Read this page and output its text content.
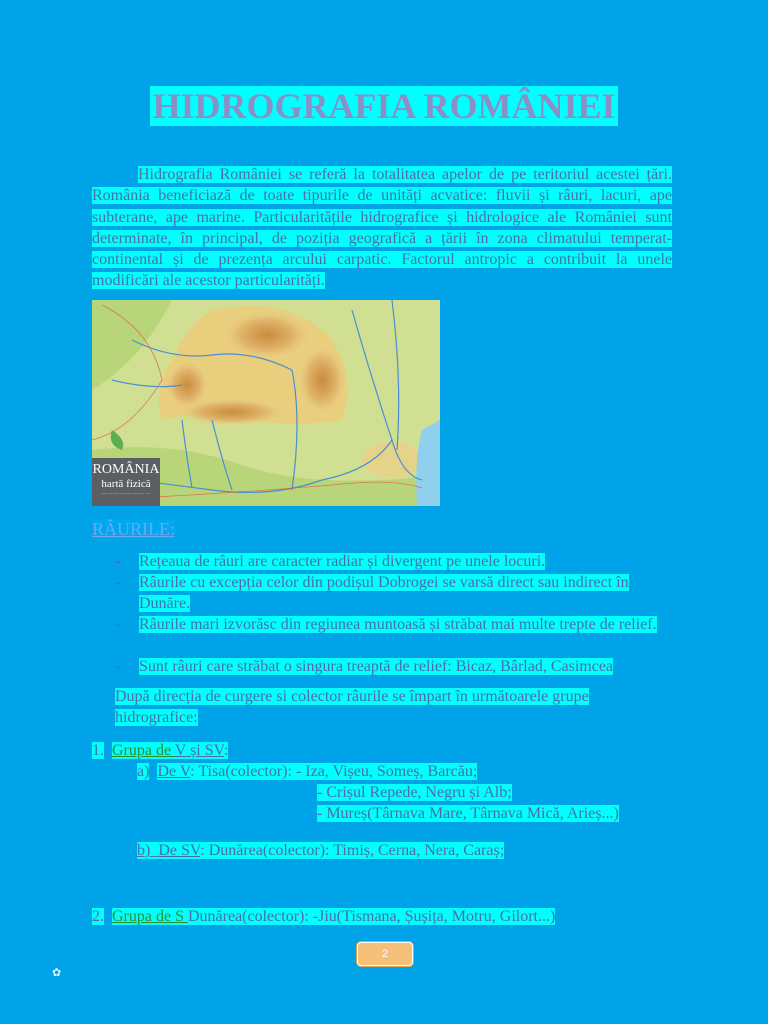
HIDROGRAFIA ROMÂNIEI
Hidrografia României se referă la totalitatea apelor de pe teritoriul acestei țări. România beneficiază de toate tipurile de unități acvatice: fluvii și râuri, lacuri, ape subterane, ape marine. Particularitățile hidrografice și hidrologice ale României sunt determinate, în principal, de poziția geografică a țării în zona climatului temperat-continental și de prezența arcului carpatic. Factorul antropic a contribuit la unele modificări ale acestor particularități.
ROMÂNIA
hartă fizică
— — — — — — — —
RÂURILE:
-	Rețeaua de râuri are caracter radiar și divergent pe unele locuri.
-	Râurile cu excepția celor din podișul Dobrogei se varsă direct sau indirect în Dunăre.
-	Râurile mari izvorăsc din regiunea muntoasă și străbat mai multe trepte de relief.
-	Sunt râuri care străbat o singura treaptă de relief: Bicaz, Bârlad, Casimcea
După direcția de curgere si colector râurile se împart în următoarele grupe hidrografice:
1. Grupa de V și SV:
a) De V: Tisa(colector): - Iza, Vișeu, Someș, Barcău;
- Crișul Repede, Negru și Alb;
- Mureș(Târnava Mare, Târnava Mică, Arieș...)
b) De SV: Dunărea(colector): Timiș, Cerna, Nera, Caraș;
2. Grupa de S Dunărea(colector): -Jiu(Tismana, Șușița, Motru, Gilort...)
2
✿
